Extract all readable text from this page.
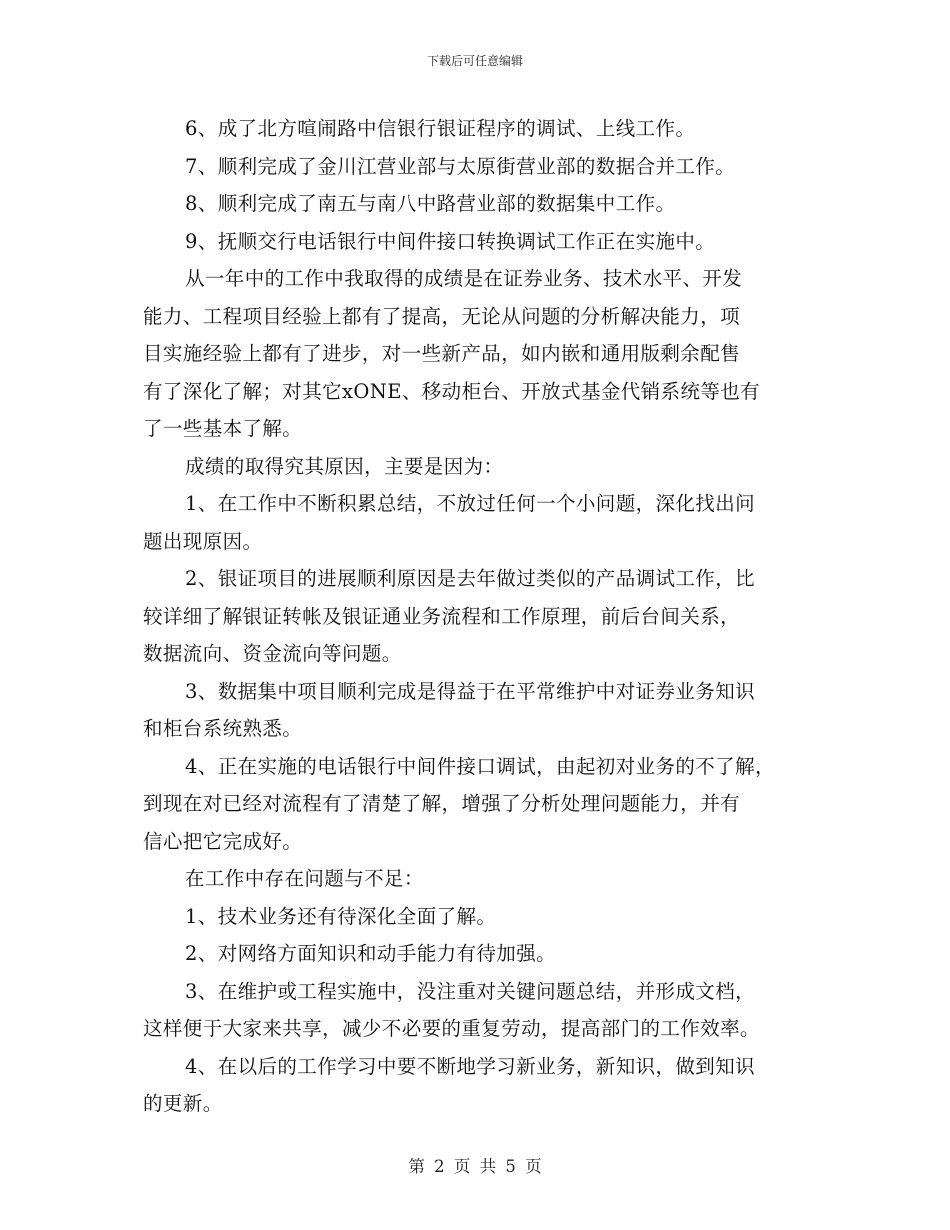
下载后可任意编辑
6、成了北方喧闹路中信银行银证程序的调试、上线工作。
7、顺利完成了金川江营业部与太原街营业部的数据合并工作。
8、顺利完成了南五与南八中路营业部的数据集中工作。
9、抚顺交行电话银行中间件接口转换调试工作正在实施中。
从一年中的工作中我取得的成绩是在证券业务、技术水平、开发
能力、工程项目经验上都有了提高，无论从问题的分析解决能力，项
目实施经验上都有了进步，对一些新产品，如内嵌和通用版剩余配售
有了深化了解；对其它xONE、移动柜台、开放式基金代销系统等也有
了一些基本了解。
成绩的取得究其原因，主要是因为：
1、在工作中不断积累总结，不放过任何一个小问题，深化找出问
题出现原因。
2、银证项目的进展顺利原因是去年做过类似的产品调试工作，比
较详细了解银证转帐及银证通业务流程和工作原理，前后台间关系，
数据流向、资金流向等问题。
3、数据集中项目顺利完成是得益于在平常维护中对证券业务知识
和柜台系统熟悉。
4、正在实施的电话银行中间件接口调试，由起初对业务的不了解，
到现在对已经对流程有了清楚了解，增强了分析处理问题能力，并有
信心把它完成好。
在工作中存在问题与不足：
1、技术业务还有待深化全面了解。
2、对网络方面知识和动手能力有待加强。
3、在维护或工程实施中，没注重对关键问题总结，并形成文档，
这样便于大家来共享，减少不必要的重复劳动，提高部门的工作效率。
4、在以后的工作学习中要不断地学习新业务，新知识，做到知识
的更新。
第 2 页 共 5 页
